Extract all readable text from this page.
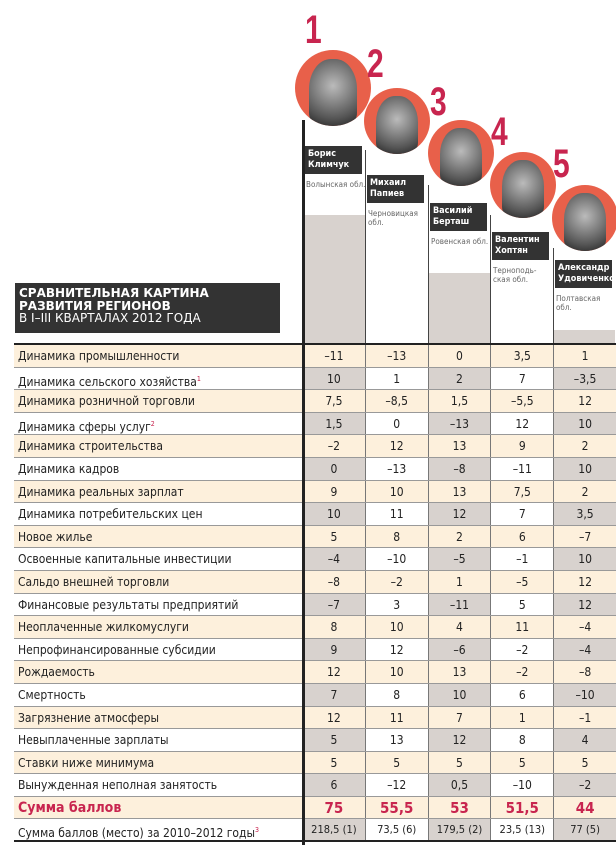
1
Борис
Климчук
Волынская обл.
2
Михаил
Папиев
Черновицкая обл.
3
Василий
Берташ
Ровенская обл.
4
Валентин
Хоптян
Терноподь-ская обл.
5
Александр
Удовиченко
Полтавская обл.
СРАВНИТЕЛЬНАЯ КАРТИНА
РАЗВИТИЯ РЕГИОНОВ
В I–III КВАРТАЛАХ 2012 ГОДА
Динамика промышленности	–11	–13	0	3,5	1
Динамика сельского хозяйства$^1$	10	1	2	7	–3,5
Динамика розничной торговли	7,5	–8,5	1,5	–5,5	12
Динамика сферы услуг$^2$	1,5	0	–13	12	10
Динамика строительства	–2	12	13	9	2
Динамика кадров	0	–13	–8	–11	10
Динамика реальных зарплат	9	10	13	7,5	2
Динамика потребительских цен	10	11	12	7	3,5
Новое жилье	5	8	2	6	–7
Освоенные капитальные инвестиции	–4	–10	–5	–1	10
Сальдо внешней торговли	–8	–2	1	–5	12
Финансовые результаты предприятий	–7	3	–11	5	12
Неоплаченные жилкомуслуги	8	10	4	11	–4
Непрофинансированные субсидии	9	12	–6	–2	–4
Рождаемость	12	10	13	–2	–8
Смертность	7	8	10	6	–10
Загрязнение атмосферы	12	11	7	1	–1
Невыплаченные зарплаты	5	13	12	8	4
Ставки ниже минимума	5	5	5	5	5
Вынужденная неполная занятость	6	–12	0,5	–10	–2
Сумма баллов	75	55,5	53	51,5	44
Сумма баллов (место) за 2010–2012 годы$^3$	218,5 (1)	73,5 (6)	179,5 (2)	23,5 (13)	77 (5)
